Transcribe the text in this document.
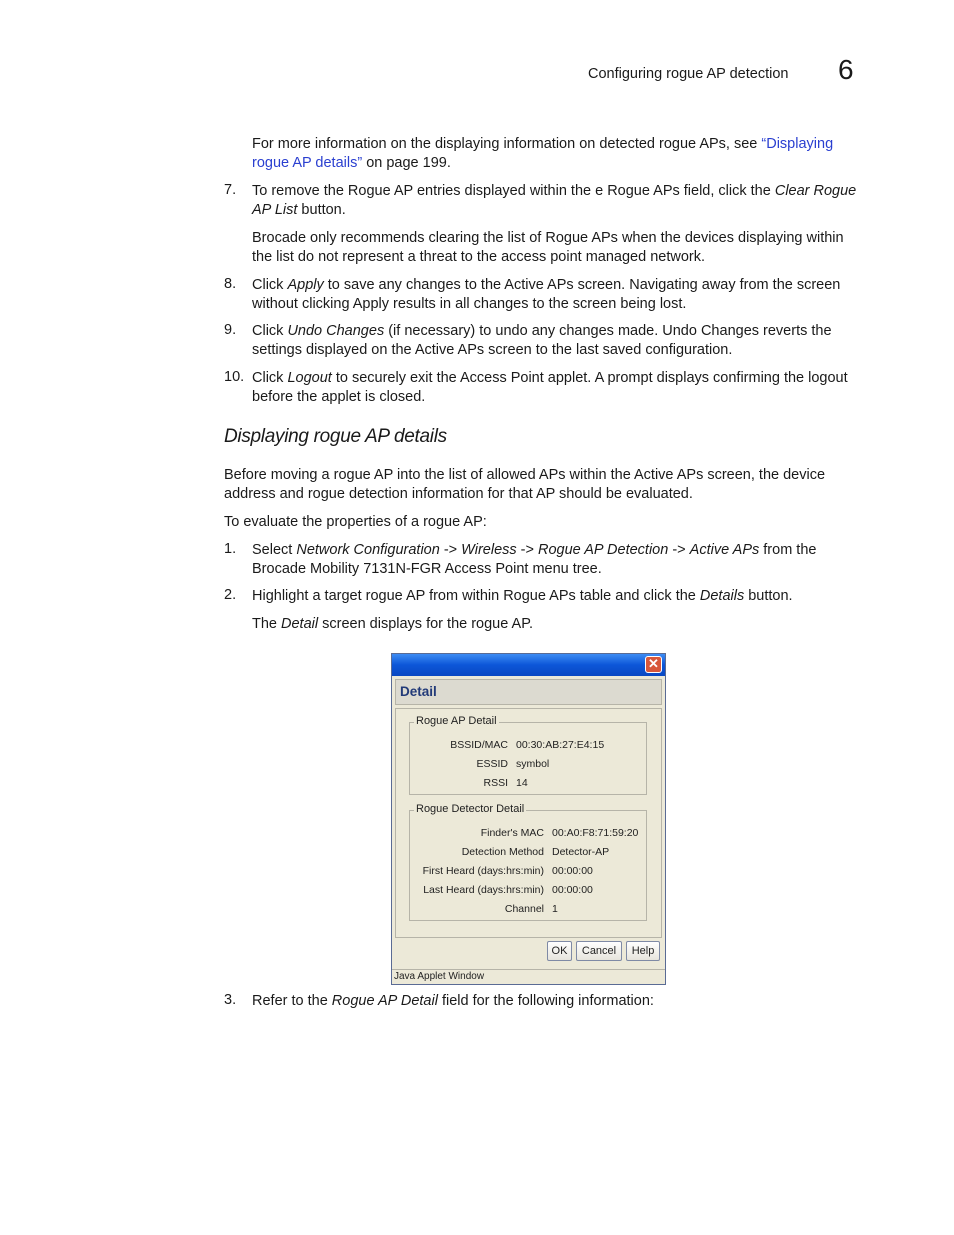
Configuring rogue AP detection 6
For more information on the displaying information on detected rogue APs, see “Displaying
rogue AP details” on page 199.
7. To remove the Rogue AP entries displayed within the e Rogue APs field, click the Clear Rogue
AP List button.
Brocade only recommends clearing the list of Rogue APs when the devices displaying within
the list do not represent a threat to the access point managed network.
8. Click Apply to save any changes to the Active APs screen. Navigating away from the screen
without clicking Apply results in all changes to the screen being lost.
9. Click Undo Changes (if necessary) to undo any changes made. Undo Changes reverts the
settings displayed on the Active APs screen to the last saved configuration.
10. Click Logout to securely exit the Access Point applet. A prompt displays confirming the logout
before the applet is closed.
Displaying rogue AP details
Before moving a rogue AP into the list of allowed APs within the Active APs screen, the device
address and rogue detection information for that AP should be evaluated.
To evaluate the properties of a rogue AP:
1. Select Network Configuration -> Wireless -> Rogue AP Detection -> Active APs from the
Brocade Mobility 7131N-FGR Access Point menu tree.
2. Highlight a target rogue AP from within Rogue APs table and click the Details button.
The Detail screen displays for the rogue AP.
✕
Detail
Rogue AP Detail
BSSID/MAC 00:30:AB:27:E4:15
ESSID symbol
RSSI 14
Rogue Detector Detail
Finder's MAC 00:A0:F8:71:59:20
Detection Method Detector-AP
First Heard (days:hrs:min) 00:00:00
Last Heard (days:hrs:min) 00:00:00
Channel 1
OK	Cancel	Help
Java Applet Window
3. Refer to the Rogue AP Detail field for the following information:
